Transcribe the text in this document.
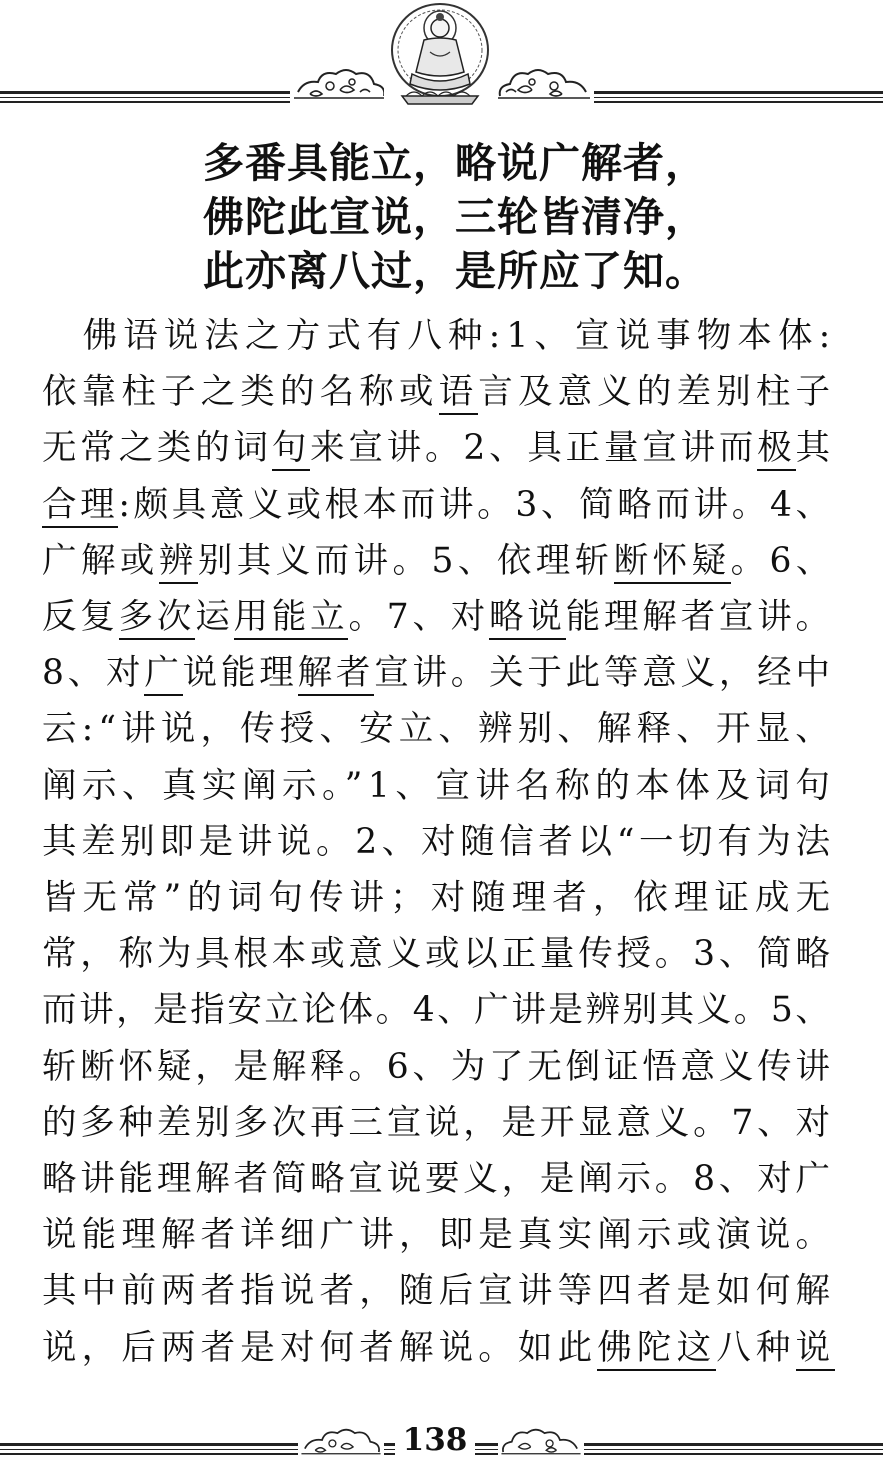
多番具能立，略说广解者，
佛陀此宣说，三轮皆清净，
此亦离八过，是所应了知。
　佛语说法之方式有八种:1、宣说事物本体:
依靠柱子之类的名称或语言及意义的差别柱子
无常之类的词句来宣讲。2、具正量宣讲而极其
合理:颇具意义或根本而讲。3、简略而讲。4、
广解或辨别其义而讲。5、依理斩断怀疑。6、
反复多次运用能立。7、对略说能理解者宣讲。
8、对广说能理解者宣讲。关于此等意义，经中
云:“讲说，传授、安立、辨别、解释、开显、
阐示、真实阐示。”1、宣讲名称的本体及词句
其差别即是讲说。2、对随信者以“一切有为法
皆无常”的词句传讲；对随理者，依理证成无
常，称为具根本或意义或以正量传授。3、简略
而讲，是指安立论体。4、广讲是辨别其义。5、
斩断怀疑，是解释。6、为了无倒证悟意义传讲
的多种差别多次再三宣说，是开显意义。7、对
略讲能理解者简略宣说要义，是阐示。8、对广
说能理解者详细广讲，即是真实阐示或演说。
其中前两者指说者，随后宣讲等四者是如何解
说，后两者是对何者解说。如此佛陀这八种说
138
